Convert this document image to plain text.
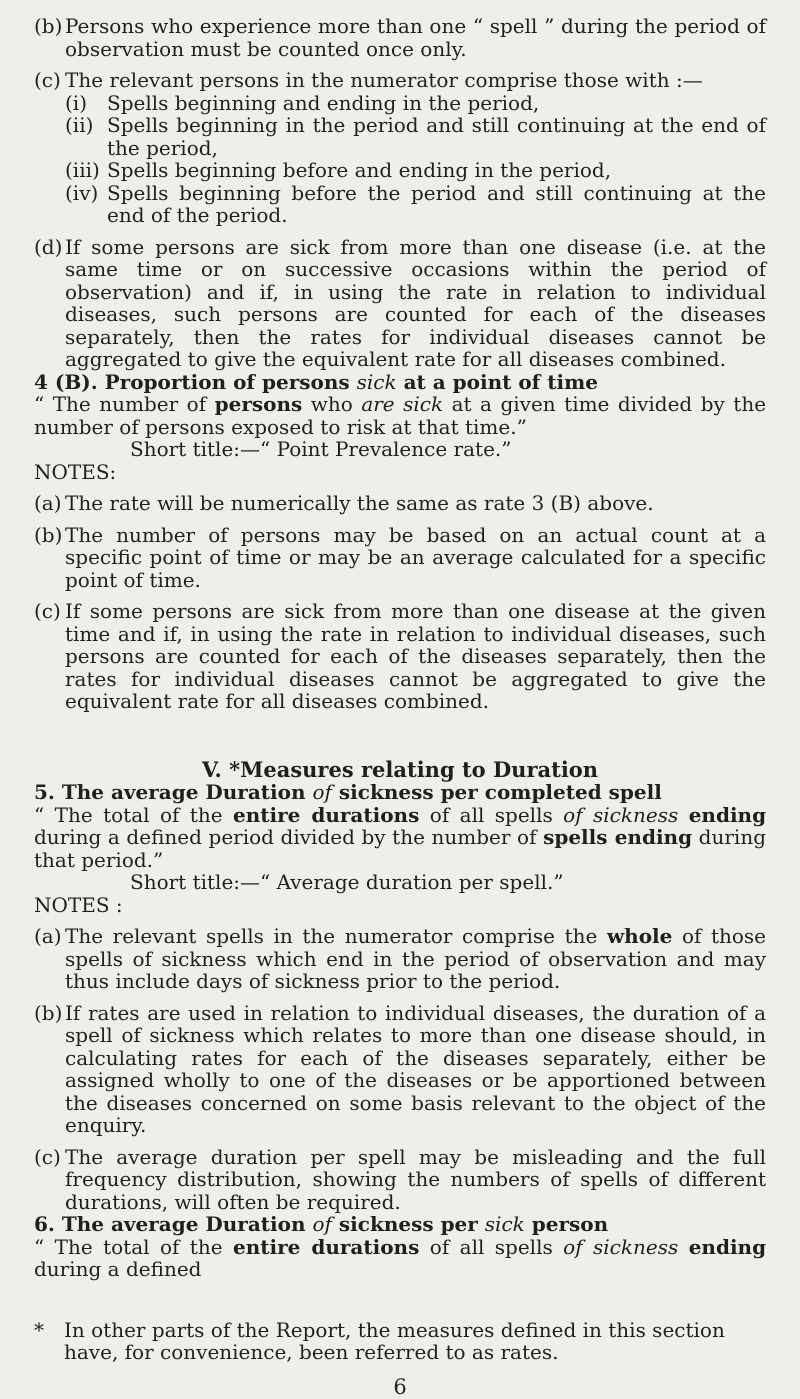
(b) Persons who experience more than one “ spell ” during the period of observation must be counted once only.

(c) The relevant persons in the numerator comprise those with :—

(i) Spells beginning and ending in the period,

(ii) Spells beginning in the period and still continuing at the end of the period,

(iii) Spells beginning before and ending in the period,

(iv) Spells beginning before the period and still continuing at the end of the period.

(d) If some persons are sick from more than one disease (i.e. at the same time or on successive occasions within the period of observation) and if, in using the rate in relation to individual diseases, such persons are counted for each of the diseases separately, then the rates for individual diseases cannot be aggregated to give the equivalent rate for all diseases combined.

4 (B). Proportion of persons sick at a point of time

“ The number of persons who are sick at a given time divided by the number of persons exposed to risk at that time.”

Short title:—“ Point Prevalence rate.”

NOTES:

(a) The rate will be numerically the same as rate 3 (B) above.

(b) The number of persons may be based on an actual count at a specific point of time or may be an average calculated for a specific point of time.

(c) If some persons are sick from more than one disease at the given time and if, in using the rate in relation to individual diseases, such persons are counted for each of the diseases separately, then the rates for individual diseases cannot be aggregated to give the equivalent rate for all diseases combined.

V. *Measures relating to Duration

5. The average Duration of sickness per completed spell

“ The total of the entire durations of all spells of sickness ending during a defined period divided by the number of spells ending during that period.”

Short title:—“ Average duration per spell.”

NOTES :

(a) The relevant spells in the numerator comprise the whole of those spells of sickness which end in the period of observation and may thus include days of sickness prior to the period.

(b) If rates are used in relation to individual diseases, the duration of a spell of sickness which relates to more than one disease should, in calculating rates for each of the diseases separately, either be assigned wholly to one of the diseases or be apportioned between the diseases concerned on some basis relevant to the object of the enquiry.

(c) The average duration per spell may be misleading and the full frequency distribution, showing the numbers of spells of different durations, will often be required.

6. The average Duration of sickness per sick person

“ The total of the entire durations of all spells of sickness ending during a defined

* In other parts of the Report, the measures defined in this section have, for convenience, been referred to as rates.

6
